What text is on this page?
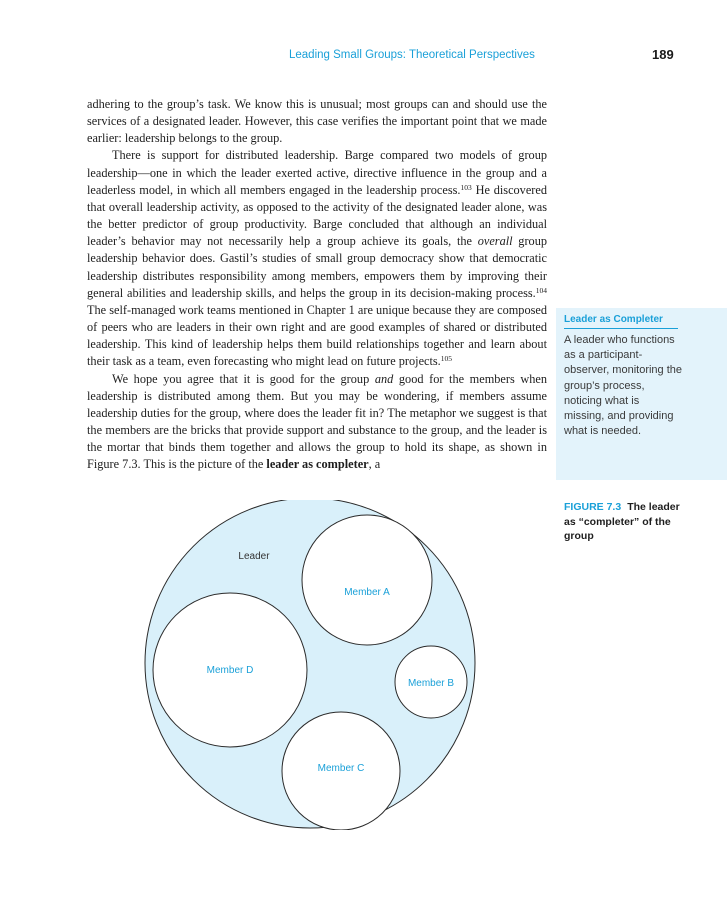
Leading Small Groups: Theoretical Perspectives	189

adhering to the group’s task. We know this is unusual; most groups can and should use the services of a designated leader. However, this case verifies the important point that we made earlier: leadership belongs to the group.

There is support for distributed leadership. Barge compared two models of group leadership—one in which the leader exerted active, directive influence in the group and a leaderless model, in which all members engaged in the leadership process.$^{103}$ He discovered that overall leadership activity, as opposed to the activity of the designated leader alone, was the better predictor of group productivity. Barge concluded that although an individual leader’s behavior may not necessarily help a group achieve its goals, the overall group leadership behavior does. Gastil’s studies of small group democracy show that democratic leadership distributes responsibility among members, empowers them by improving their general abilities and leadership skills, and helps the group in its decision-making process.$^{104}$ The self-managed work teams mentioned in Chapter 1 are unique because they are composed of peers who are leaders in their own right and are good examples of shared or distributed leadership. This kind of leadership helps them build relationships together and learn about their task as a team, even forecasting who might lead on future projects.$^{105}$

We hope you agree that it is good for the group and good for the members when leadership is distributed among them. But you may be wondering, if members assume leadership duties for the group, where does the leader fit in? The metaphor we suggest is that the members are the bricks that provide support and substance to the group, and the leader is the mortar that binds them together and allows the group to hold its shape, as shown in Figure 7.3. This is the picture of the leader as completer, a

Leader as Completer
A leader who functions as a participant-observer, monitoring the group’s process, noticing what is missing, and providing what is needed.
FIGURE 7.3 The leader as “completer” of the group
Leader
Member A
Member D
Member B
Member C
